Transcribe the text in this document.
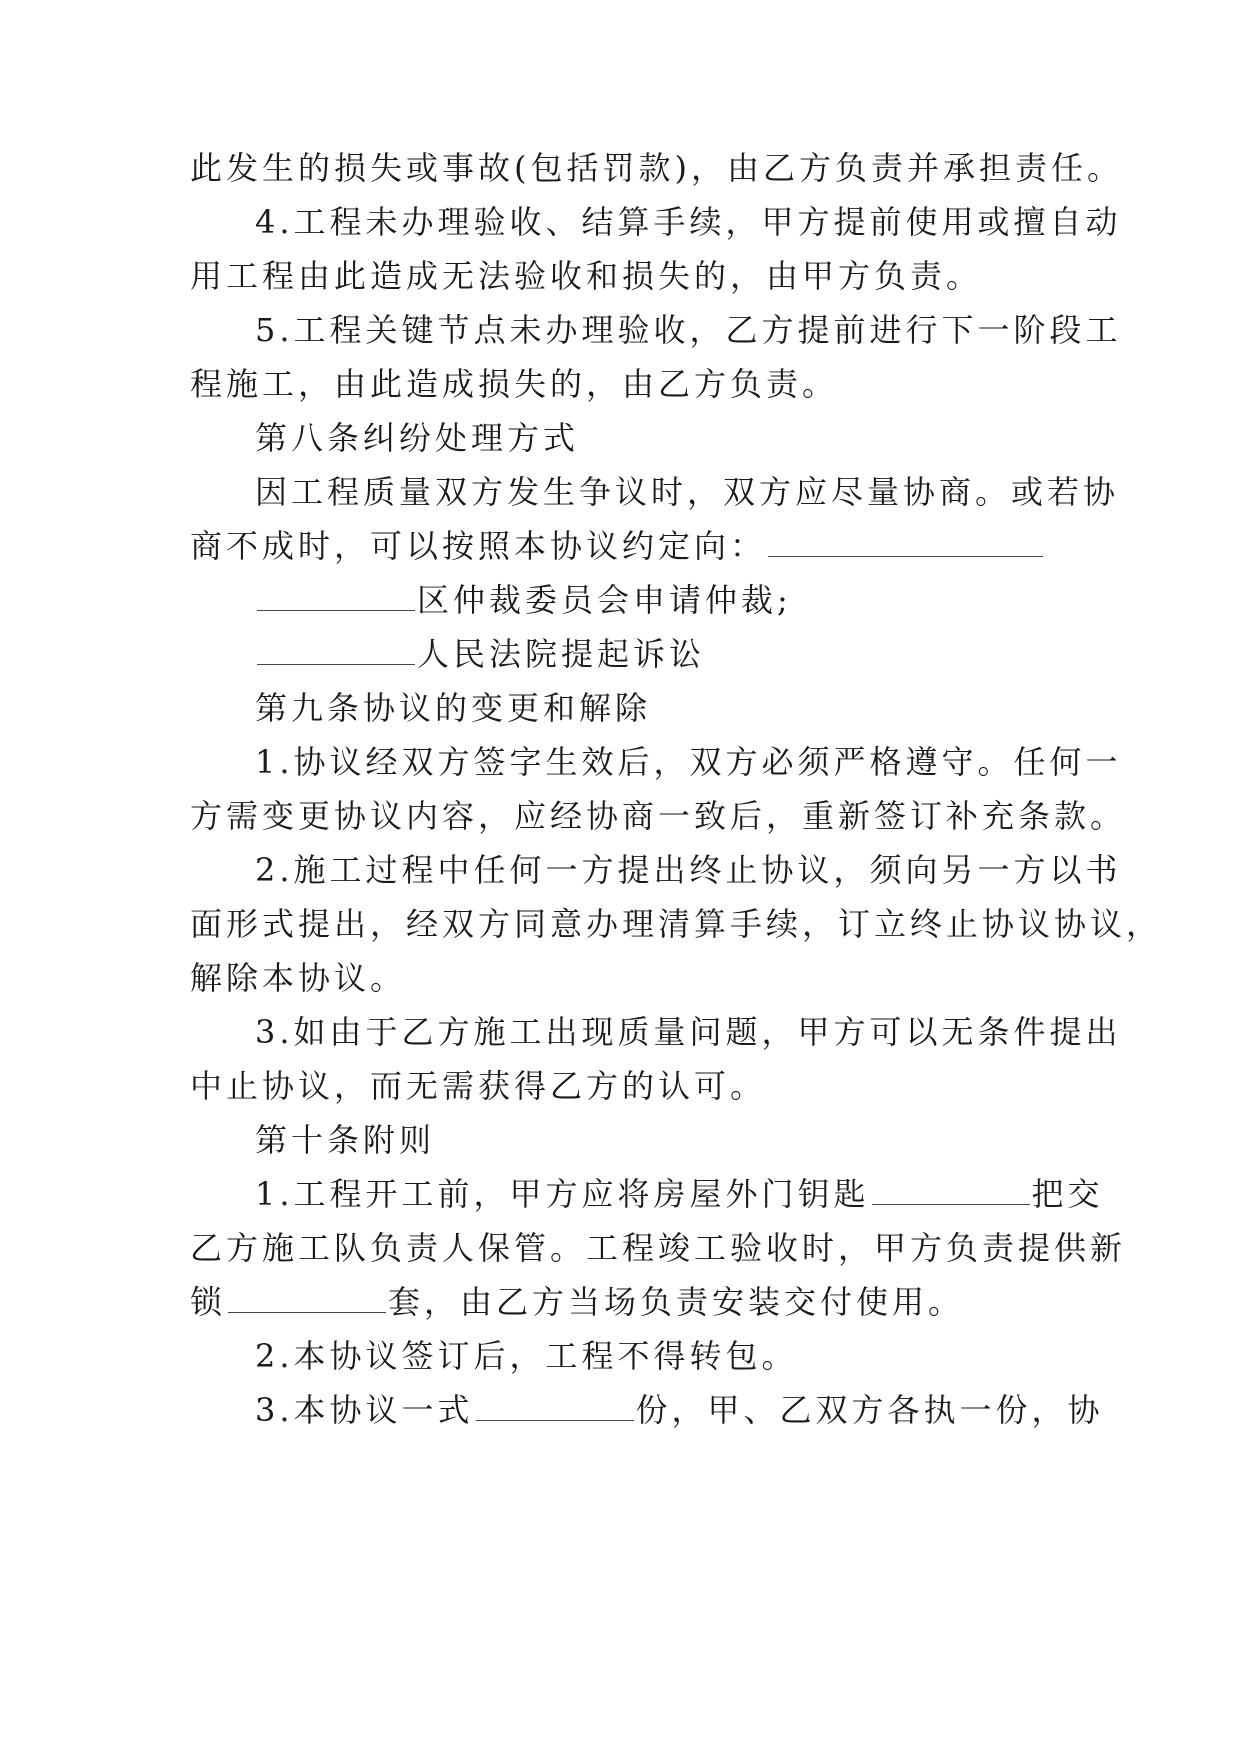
此发生的损失或事故(包括罚款)，由乙方负责并承担责任。
4.工程未办理验收、结算手续，甲方提前使用或擅自动
用工程由此造成无法验收和损失的，由甲方负责。
5.工程关键节点未办理验收，乙方提前进行下一阶段工
程施工，由此造成损失的，由乙方负责。
第八条纠纷处理方式
因工程质量双方发生争议时，双方应尽量协商。或若协
商不成时，可以按照本协议约定向：
区仲裁委员会申请仲裁;
人民法院提起诉讼
第九条协议的变更和解除
1.协议经双方签字生效后，双方必须严格遵守。任何一
方需变更协议内容，应经协商一致后，重新签订补充条款。
2.施工过程中任何一方提出终止协议，须向另一方以书
面形式提出，经双方同意办理清算手续，订立终止协议协议，
解除本协议。
3.如由于乙方施工出现质量问题，甲方可以无条件提出
中止协议，而无需获得乙方的认可。
第十条附则
1.工程开工前，甲方应将房屋外门钥匙	把交
乙方施工队负责人保管。工程竣工验收时，甲方负责提供新
锁	套，由乙方当场负责安装交付使用。
2.本协议签订后，工程不得转包。
3.本协议一式	份，甲、乙双方各执一份，协
